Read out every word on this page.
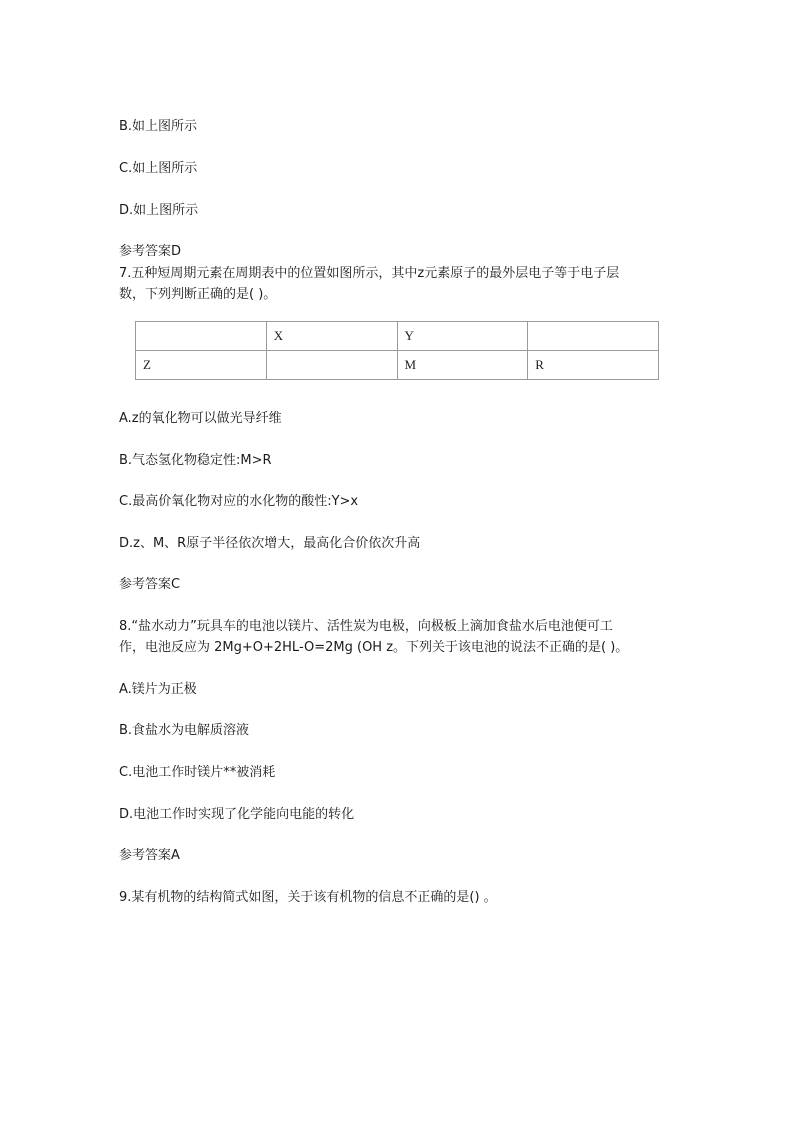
B.如上图所示
C.如上图所示
D.如上图所示
参考答案D
7.五种短周期元素在周期表中的位置如图所示，其中z元素原子的最外层电子等于电子层
数，下列判断正确的是( )。
	X	Y	
Z		M	R
A.z的氧化物可以做光导纤维
B.气态氢化物稳定性:M>R
C.最高价氧化物对应的水化物的酸性:Y>x
D.z、M、R原子半径依次增大，最高化合价依次升高
参考答案C
8.“盐水动力”玩具车的电池以镁片、活性炭为电极，向极板上滴加食盐水后电池便可工
作，电池反应为 2Mg+O+2HL-O=2Mg (OH z。下列关于该电池的说法不正确的是( )。
A.镁片为正极
B.食盐水为电解质溶液
C.电池工作时镁片**被消耗
D.电池工作时实现了化学能向电能的转化
参考答案A
9.某有机物的结构简式如图，关于该有机物的信息不正确的是() 。
